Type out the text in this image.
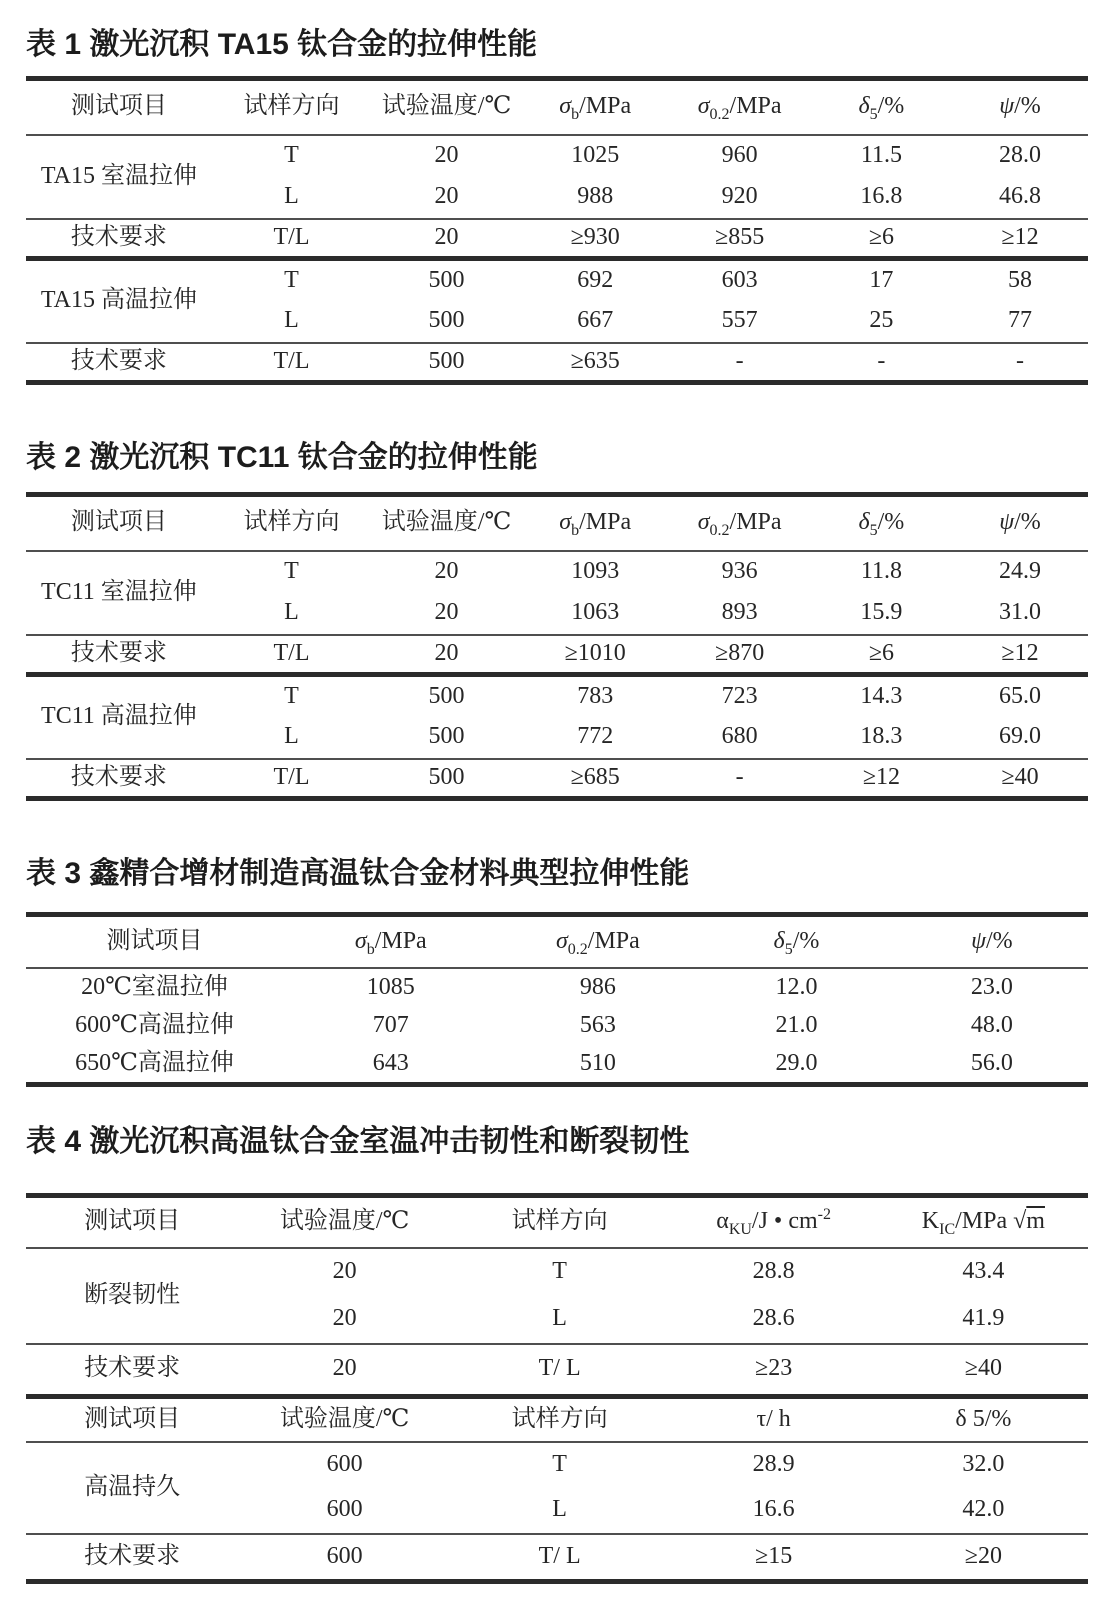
表 1 激光沉积 TA15 钛合金的拉伸性能
测试项目	试样方向	试验温度/℃	$\sigma_b$/MPa	$\sigma_{0.2}$/MPa	$\delta_5/\%$	ψ/%
TA15 室温拉伸	T	20	1025	960	11.5	28.0
	L	20	988	920	16.8	46.8
技术要求	T/L	20	≥930	≥855	≥6	≥12
TA15 高温拉伸	T	500	692	603	17	58
	L	500	667	557	25	77
技术要求	T/L	500	≥635	-	-	-
表 2 激光沉积 TC11 钛合金的拉伸性能
测试项目	试样方向	试验温度/℃	$\sigma_b$/MPa	$\sigma_{0.2}$/MPa	$\delta_5/\%$	ψ/%
TC11 室温拉伸	T	20	1093	936	11.8	24.9
	L	20	1063	893	15.9	31.0
技术要求	T/L	20	≥1010	≥870	≥6	≥12
TC11 高温拉伸	T	500	783	723	14.3	65.0
	L	500	772	680	18.3	69.0
技术要求	T/L	500	≥685	-	≥12	≥40
表 3 鑫精合增材制造高温钛合金材料典型拉伸性能
测试项目	$\sigma_b$/MPa	$\sigma_{0.2}$/MPa	$\delta_5/\%$	ψ/%
20℃室温拉伸	1085	986	12.0	23.0
600℃高温拉伸	707	563	21.0	48.0
650℃高温拉伸	643	510	29.0	56.0
表 4 激光沉积高温钛合金室温冲击韧性和断裂韧性
测试项目	试验温度/℃	试样方向	$\alpha_{KU}/J$ • $cm^{-2}$	$K_{IC}$/MPa √m
断裂韧性	20	T	28.8	43.4
	20	L	28.6	41.9
技术要求	20	T/ L	≥23	≥40
测试项目	试验温度/℃	试样方向	τ/ h	δ 5/%
高温持久	600	T	28.9	32.0
	600	L	16.6	42.0
技术要求	600	T/ L	≥15	≥20
